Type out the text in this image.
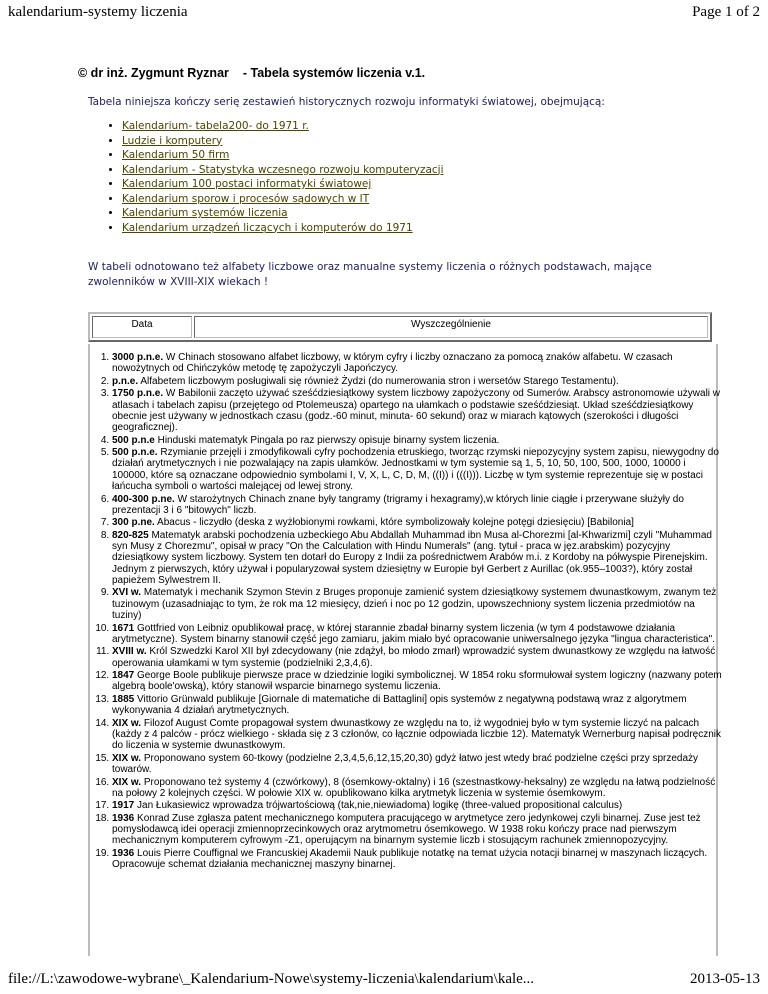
kalendarium-systemy liczenia	Page 1 of 2
© dr inż. Zygmunt Ryznar - Tabela systemów liczenia v.1.
Tabela niniejsza kończy serię zestawień historycznych rozwoju informatyki światowej, obejmującą:
• Kalendarium- tabela200- do 1971 r.
• Ludzie i komputery
• Kalendarium 50 firm
• Kalendarium - Statystyka wczesnego rozwoju komputeryzacji
• Kalendarium 100 postaci informatyki światowej
• Kalendarium sporow i procesów sądowych w IT
• Kalendarium systemów liczenia
• Kalendarium urządzeń liczących i komputerów do 1971
W tabeli odnotowano też alfabety liczbowe oraz manualne systemy liczenia o różnych podstawach, mające zwolenników w XVIII-XIX wiekach !
Data	Wyszczególnienie
1. 3000 p.n.e. W Chinach stosowano alfabet liczbowy, w którym cyfry i liczby oznaczano za pomocą znaków alfabetu. W czasach nowożytnych od Chińczyków metodę tę zapożyczyli Japończycy.
2. p.n.e. Alfabetem liczbowym posługiwali się również Żydzi (do numerowania stron i wersetów Starego Testamentu).
3. 1750 p.n.e. W Babilonii zaczęto używać sześćdziesiątkowy system liczbowy zapożyczony od Sumerów. Arabscy astronomowie używali w atlasach i tabelach zapisu (przejętego od Ptolemeusza) opartego na ułamkach o podstawie sześćdziesiąt. Układ sześćdziesiątkowy obecnie jest używany w jednostkach czasu (godz.-60 minut, minuta- 60 sekund) oraz w miarach kątowych (szerokości i długości geograficznej).
4. 500 p.n.e Hinduski matematyk Pingala po raz pierwszy opisuje binarny system liczenia.
5. 500 p.n.e. Rzymianie przejęli i zmodyfikowali cyfry pochodzenia etruskiego, tworząc rzymski niepozycyjny system zapisu, niewygodny do działań arytmetycznych i nie pozwalający na zapis ułamków. Jednostkami w tym systemie są 1, 5, 10, 50, 100, 500, 1000, 10000 i 100000, które są oznaczane odpowiednio symbolami I, V, X, L, C, D, M, ((I)) i (((I))). Liczbę w tym systemie reprezentuje się w postaci łańcucha symboli o wartości malejącej od lewej strony.
6. 400-300 p.ne. W starożytnych Chinach znane były tangramy (trigramy i hexagramy),w których linie ciągłe i przerywane służyły do prezentacji 3 i 6 "bitowych" liczb.
7. 300 p.ne. Abacus - liczydło (deska z wyżłobionymi rowkami, które symbolizowały kolejne potęgi dziesięciu) [Babilonia]
8. 820-825 Matematyk arabski pochodzenia uzbeckiego Abu Abdallah Muhammad ibn Musa al-Chorezmi [al-Khwarizmi] czyli "Muhammad syn Musy z Chorezmu", opisał w pracy "On the Calculation with Hindu Numerals" (ang. tytuł - praca w jęz.arabskim) pozycyjny dziesiątkowy system liczbowy. System ten dotarł do Europy z Indii za pośrednictwem Arabów m.i. z Kordoby na półwyspie Pirenejskim. Jednym z pierwszych, który używał i popularyzował system dziesiętny w Europie był Gerbert z Aurillac (ok.955–1003?), który został papieżem Sylwestrem II.
9. XVI w. Matematyk i mechanik Szymon Stevin z Bruges proponuje zamienić system dziesiątkowy systemem dwunastkowym, zwanym też tuzinowym (uzasadniając to tym, że rok ma 12 miesięcy, dzień i noc po 12 godzin, upowszechniony system liczenia przedmiotów na tuziny)
10. 1671 Gottfried von Leibniz opublikował pracę, w której starannie zbadał binarny system liczenia (w tym 4 podstawowe działania arytmetyczne). System binarny stanowił część jego zamiaru, jakim miało być opracowanie uniwersalnego języka "lingua characteristica".
11. XVIII w. Król Szwedzki Karol XII był zdecydowany (nie zdążył, bo młodo zmarł) wprowadzić system dwunastkowy ze względu na łatwość operowania ułamkami w tym systemie (podzielniki 2,3,4,6).
12. 1847 George Boole publikuje pierwsze prace w dziedzinie logiki symbolicznej. W 1854 roku sformułował system logiczny (nazwany potem algebrą boole'owską), który stanowił wsparcie binarnego systemu liczenia.
13. 1885 Vittorio Grünwald publikuje [Giornale di matematiche di Battaglini] opis systemów z negatywną podstawą wraz z algorytmem wykonywania 4 działań arytmetycznych.
14. XIX w. Filozof August Comte propagował system dwunastkowy ze względu na to, iż wygodniej było w tym systemie liczyć na palcach (każdy z 4 palców - prócz wielkiego - składa się z 3 członów, co łącznie odpowiada liczbie 12). Matematyk Wernerburg napisał podręcznik do liczenia w systemie dwunastkowym.
15. XIX w. Proponowano system 60-tkowy (podzielne 2,3,4,5,6,12,15,20,30) gdyż łatwo jest wtedy brać podzielne części przy sprzedaży towarów.
16. XIX w. Proponowano też systemy 4 (czwórkowy), 8 (ósemkowy-oktalny) i 16 (szestnastkowy-heksalny) ze względu na łatwą podzielność na połowy 2 kolejnych części. W połowie XIX w. opublikowano kilka arytmetyk liczenia w systemie ósemkowym.
17. 1917 Jan Łukasiewicz wprowadza trójwartościową (tak,nie,niewiadoma) logikę (three-valued propositional calculus)
18. 1936 Konrad Zuse zgłasza patent mechanicznego komputera pracującego w arytmetyce zero jedynkowej czyli binarnej. Zuse jest też pomysłodawcą idei operacji zmiennoprzecinkowych oraz arytmometru ósemkowego. W 1938 roku kończy prace nad pierwszym mechanicznym komputerem cyfrowym -Z1, operującym na binarnym systemie liczb i stosującym rachunek zmiennopozycyjny.
19. 1936 Louis Pierre Couffignal we Francuskiej Akademii Nauk publikuje notatkę na temat użycia notacji binarnej w maszynach liczących. Opracowuje schemat działania mechanicznej maszyny binarnej.
file://L:\zawodowe-wybrane\_Kalendarium-Nowe\systemy-liczenia\kalendarium\kale...	2013-05-13
